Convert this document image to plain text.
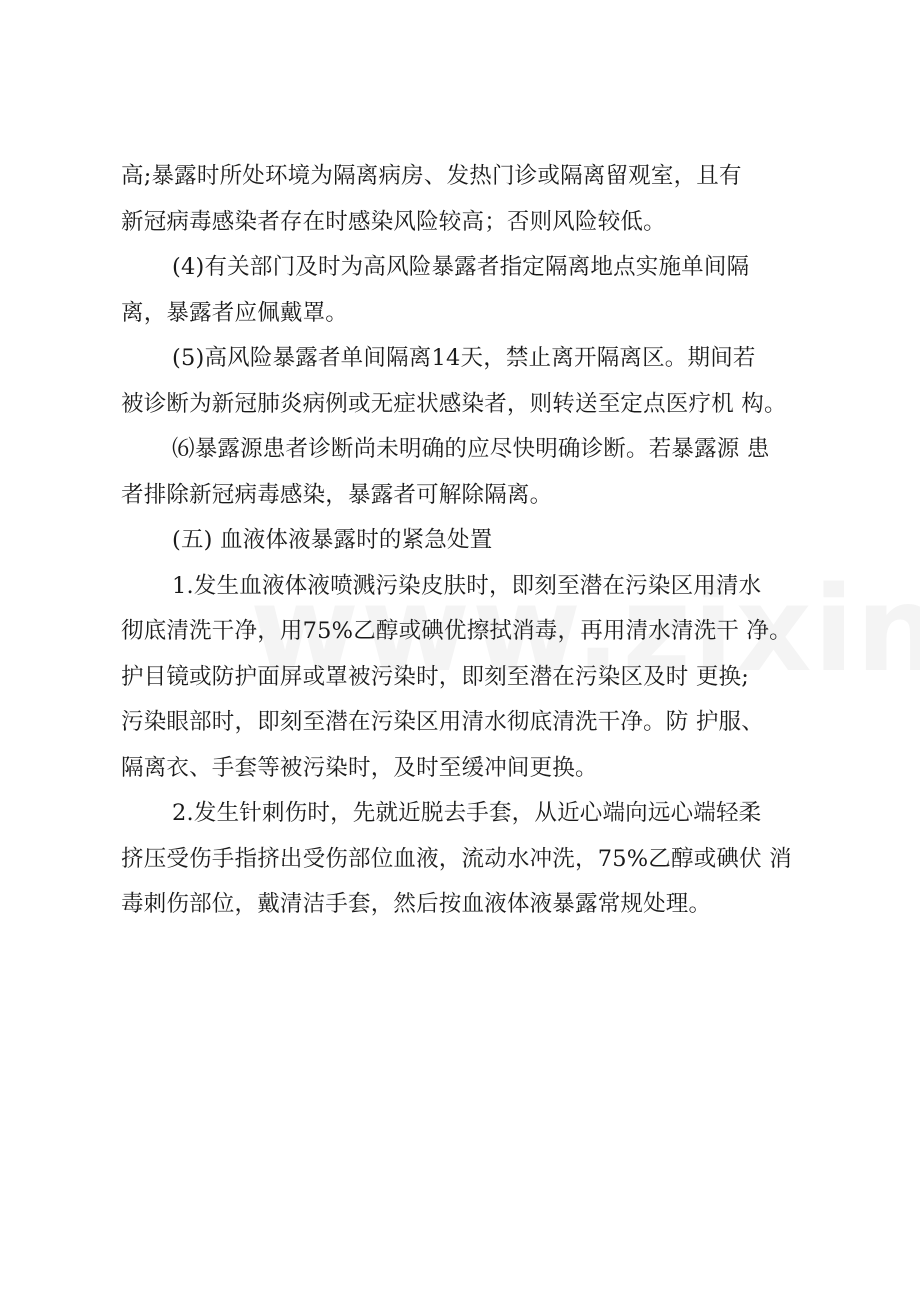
高;暴露时所处环境为隔离病房、发热门诊或隔离留观室，且有
新冠病毒感染者存在时感染风险较高；否则风险较低。
(4)有关部门及时为高风险暴露者指定隔离地点实施单间隔
离，暴露者应佩戴罩。
(5)高风险暴露者单间隔离14天，禁止离开隔离区。期间若
被诊断为新冠肺炎病例或无症状感染者，则转送至定点医疗机 构。
⑹暴露源患者诊断尚未明确的应尽快明确诊断。若暴露源 患
者排除新冠病毒感染，暴露者可解除隔离。
(五) 血液体液暴露时的紧急处置
1.发生血液体液喷溅污染皮肤时，即刻至潜在污染区用清水
彻底清洗干净，用75%乙醇或碘优擦拭消毒，再用清水清洗干 净。
护目镜或防护面屏或罩被污染时，即刻至潜在污染区及时 更换;
污染眼部时，即刻至潜在污染区用清水彻底清洗干净。防 护服、
隔离衣、手套等被污染时，及时至缓冲间更换。
2.发生针刺伤时，先就近脱去手套，从近心端向远心端轻柔
挤压受伤手指挤出受伤部位血液，流动水冲洗，75%乙醇或碘伏 消
毒刺伤部位，戴清洁手套，然后按血液体液暴露常规处理。
